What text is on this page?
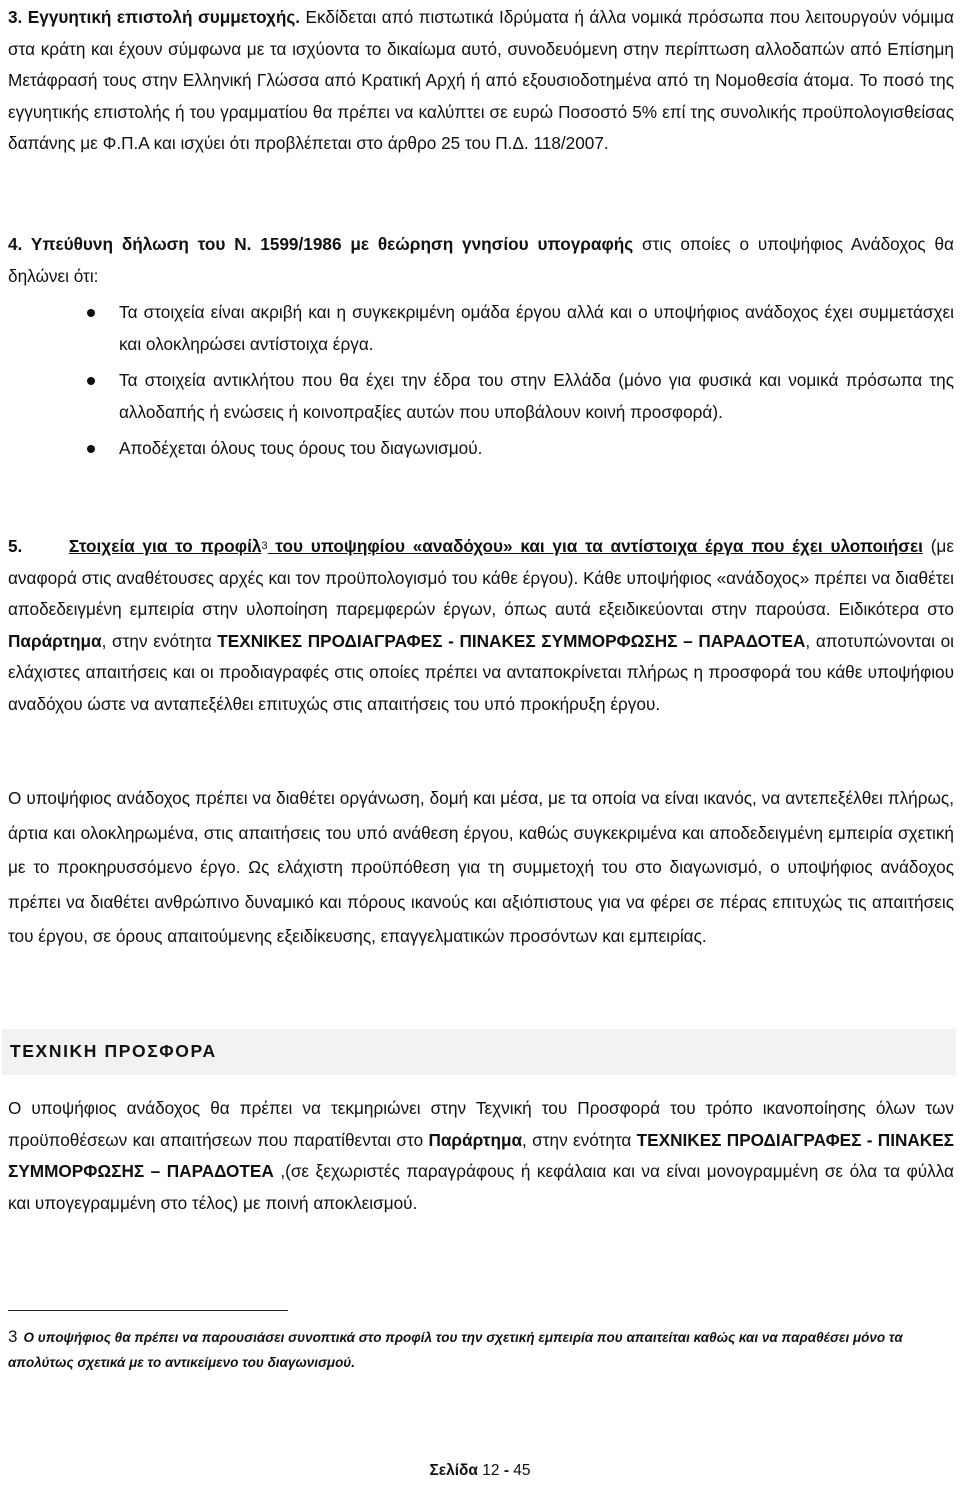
3. Εγγυητική επιστολή συμμετοχής. Εκδίδεται από πιστωτικά Ιδρύματα ή άλλα νομικά πρόσωπα που λειτουργούν νόμιμα στα κράτη και έχουν σύμφωνα με τα ισχύοντα το δικαίωμα αυτό, συνοδευόμενη στην περίπτωση αλλοδαπών από Επίσημη Μετάφρασή τους στην Ελληνική Γλώσσα από Κρατική Αρχή ή από εξουσιοδοτημένα από τη Νομοθεσία άτομα. Το ποσό της εγγυητικής επιστολής ή του γραμματίου θα πρέπει να καλύπτει σε ευρώ Ποσοστό 5% επί της συνολικής προϋπολογισθείσας δαπάνης με Φ.Π.Α και ισχύει ότι προβλέπεται στο άρθρο 25 του Π.Δ. 118/2007.
4. Υπεύθυνη δήλωση του Ν. 1599/1986 με θεώρηση γνησίου υπογραφής στις οποίες ο υποψήφιος Ανάδοχος θα δηλώνει ότι:
Τα στοιχεία είναι ακριβή και η συγκεκριμένη ομάδα έργου αλλά και ο υποψήφιος ανάδοχος έχει συμμετάσχει και ολοκληρώσει αντίστοιχα έργα.
Τα στοιχεία αντικλήτου που θα έχει την έδρα του στην Ελλάδα (μόνο για φυσικά και νομικά πρόσωπα της αλλοδαπής ή ενώσεις ή κοινοπραξίες αυτών που υποβάλουν κοινή προσφορά).
Αποδέχεται όλους τους όρους του διαγωνισμού.
5.	Στοιχεία για το προφίλ$^3$ του υποψηφίου «αναδόχου» και για τα αντίστοιχα έργα που έχει υλοποιήσει (με αναφορά στις αναθέτουσες αρχές και τον προϋπολογισμό του κάθε έργου). Κάθε υποψήφιος «ανάδοχος» πρέπει να διαθέτει αποδεδειγμένη εμπειρία στην υλοποίηση παρεμφερών έργων, όπως αυτά εξειδικεύονται στην παρούσα. Ειδικότερα στο Παράρτημα, στην ενότητα ΤΕΧΝΙΚΕΣ ΠΡΟΔΙΑΓΡΑΦΕΣ - ΠΙΝΑΚΕΣ ΣΥΜΜΟΡΦΩΣΗΣ – ΠΑΡΑΔΟΤΕΑ, αποτυπώνονται οι ελάχιστες απαιτήσεις και οι προδιαγραφές στις οποίες πρέπει να ανταποκρίνεται πλήρως η προσφορά του κάθε υποψήφιου αναδόχου ώστε να ανταπεξέλθει επιτυχώς στις απαιτήσεις του υπό προκήρυξη έργου.
Ο υποψήφιος ανάδοχος πρέπει να διαθέτει οργάνωση, δομή και μέσα, με τα οποία να είναι ικανός, να αντεπεξέλθει πλήρως, άρτια και ολοκληρωμένα, στις απαιτήσεις του υπό ανάθεση έργου, καθώς συγκεκριμένα και αποδεδειγμένη εμπειρία σχετική με το προκηρυσσόμενο έργο. Ως ελάχιστη προϋπόθεση για τη συμμετοχή του στο διαγωνισμό, ο υποψήφιος ανάδοχος πρέπει να διαθέτει ανθρώπινο δυναμικό και πόρους ικανούς και αξιόπιστους για να φέρει σε πέρας επιτυχώς τις απαιτήσεις του έργου, σε όρους απαιτούμενης εξειδίκευσης, επαγγελματικών προσόντων και εμπειρίας.
ΤΕΧΝΙΚΗ ΠΡΟΣΦΟΡΑ
Ο υποψήφιος ανάδοχος θα πρέπει να τεκμηριώνει στην Τεχνική του Προσφορά του τρόπο ικανοποίησης όλων των προϋποθέσεων και απαιτήσεων που παρατίθενται στο Παράρτημα, στην ενότητα ΤΕΧΝΙΚΕΣ ΠΡΟΔΙΑΓΡΑΦΕΣ - ΠΙΝΑΚΕΣ ΣΥΜΜΟΡΦΩΣΗΣ – ΠΑΡΑΔΟΤΕΑ ,(σε ξεχωριστές παραγράφους ή κεφάλαια και να είναι μονογραμμένη σε όλα τα φύλλα και υπογεγραμμένη στο τέλος) με ποινή αποκλεισμού.
3 Ο υποψήφιος θα πρέπει να παρουσιάσει συνοπτικά στο προφίλ του την σχετική εμπειρία που απαιτείται καθώς και να παραθέσει μόνο τα απολύτως σχετικά με το αντικείμενο του διαγωνισμού.
Σελίδα 12 - 45
